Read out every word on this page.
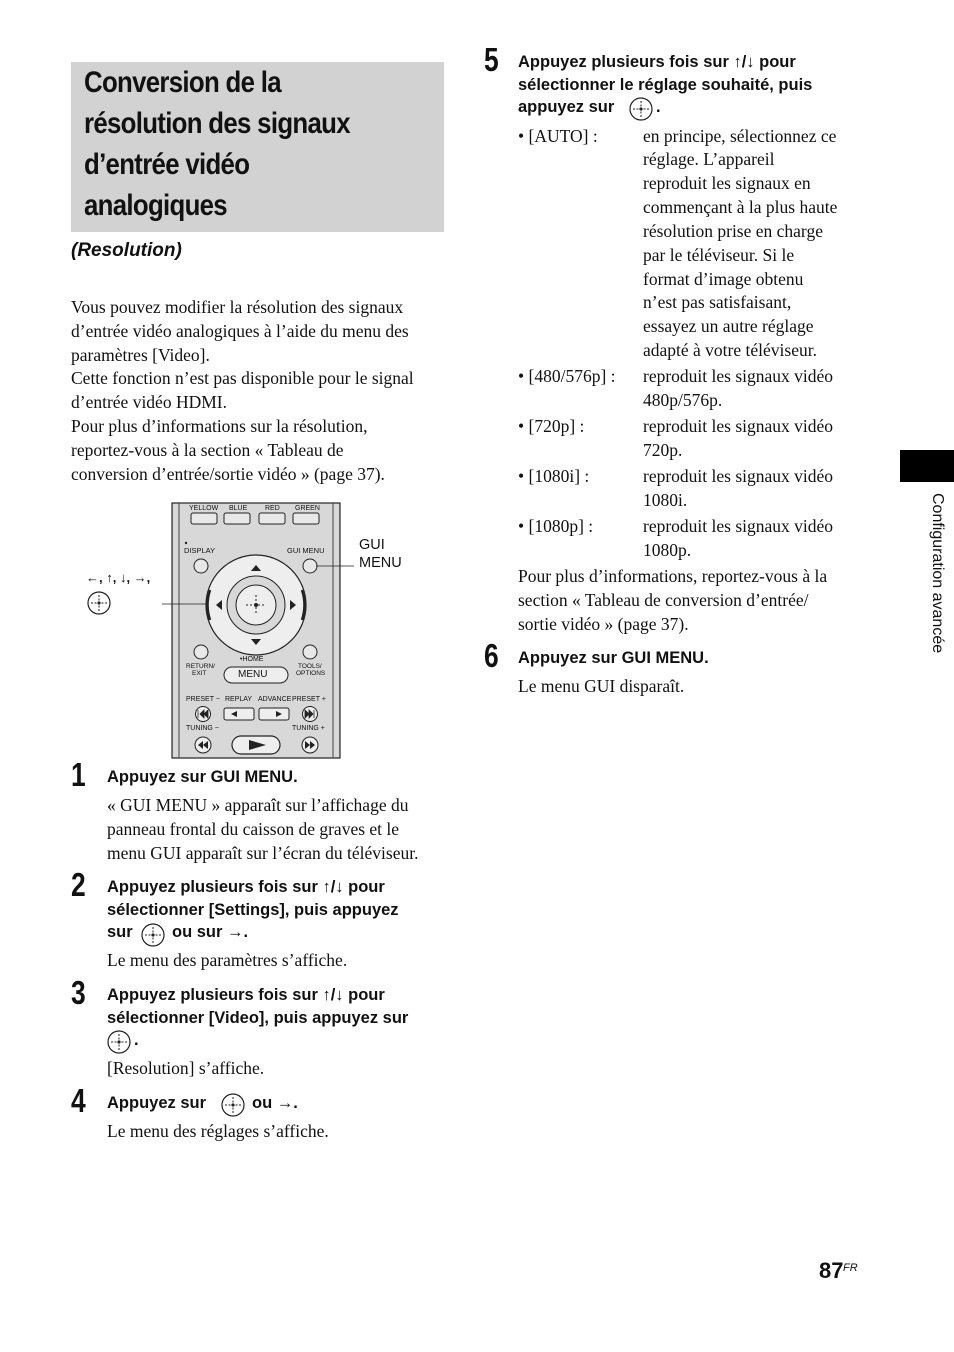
Conversion de la
résolution des signaux
d’entrée vidéo
analogiques
(Resolution)
Vous pouvez modifier la résolution des signaux
d’entrée vidéo analogiques à l’aide du menu des
paramètres [Video].
Cette fonction n’est pas disponible pour le signal
d’entrée vidéo HDMI.
Pour plus d’informations sur la résolution,
reportez-vous à la section « Tableau de
conversion d’entrée/sortie vidéo » (page 37).
YELLOW BLUE	RED GREEN
DISPLAY	GUI MENU
RETURN/
EXIT
•HOME
MENU
TOOLS/
OPTIONS
PRESET − REPLAY ADVANCE PRESET +
TUNING −	TUNING +
←, ↑, ↓, →,
GUI
MENU
1 Appuyez sur GUI MENU.
« GUI MENU » apparaît sur l’affichage du
panneau frontal du caisson de graves et le
menu GUI apparaît sur l’écran du téléviseur.
2 Appuyez plusieurs fois sur ↑/↓ pour
sélectionner [Settings], puis appuyez
sur ou sur →.
Le menu des paramètres s’affiche.
3 Appuyez plusieurs fois sur ↑/↓ pour
sélectionner [Video], puis appuyez sur
.
[Resolution] s’affiche.
4 Appuyez sur	ou →.
Le menu des réglages s’affiche.
5 Appuyez plusieurs fois sur ↑/↓ pour
sélectionner le réglage souhaité, puis
appuyez sur	.
• [AUTO] :	en principe, sélectionnez ce
réglage. L’appareil
reproduit les signaux en
commençant à la plus haute
résolution prise en charge
par le téléviseur. Si le
format d’image obtenu
n’est pas satisfaisant,
essayez un autre réglage
adapté à votre téléviseur.
• [480/576p] : reproduit les signaux vidéo
480p/576p.
• [720p] :	reproduit les signaux vidéo
720p.
• [1080i] :	reproduit les signaux vidéo
1080i.
• [1080p] :	reproduit les signaux vidéo
1080p.
Pour plus d’informations, reportez-vous à la
section « Tableau de conversion d’entrée/
sortie vidéo » (page 37).
6 Appuyez sur GUI MENU.
Le menu GUI disparaît.
Configuration avancée
87 FR
